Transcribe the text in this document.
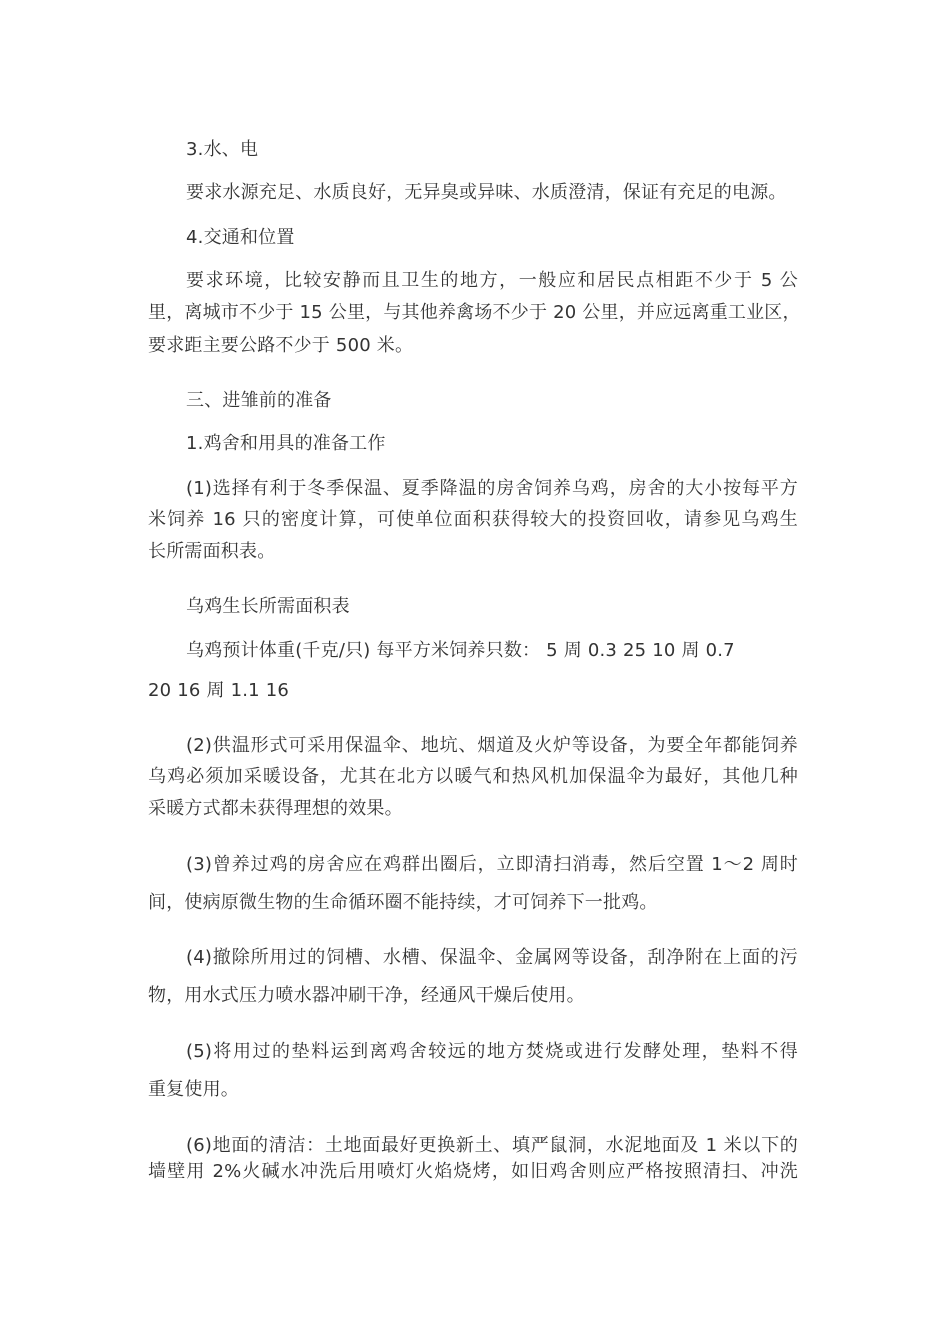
3.水、电
要求水源充足、水质良好，无异臭或异味、水质澄清，保证有充足的电源。
4.交通和位置
要求环境，比较安静而且卫生的地方，一般应和居民点相距不少于 5 公
里，离城市不少于 15 公里，与其他养禽场不少于 20 公里，并应远离重工业区，
要求距主要公路不少于 500 米。
三、进雏前的准备
1.鸡舍和用具的准备工作
(1)选择有利于冬季保温、夏季降温的房舍饲养乌鸡，房舍的大小按每平方
米饲养 16 只的密度计算，可使单位面积获得较大的投资回收，请参见乌鸡生
长所需面积表。
乌鸡生长所需面积表
乌鸡预计体重(千克/只) 每平方米饲养只数： 5 周 0.3 25 10 周 0.7
20 16 周 1.1 16
(2)供温形式可采用保温伞、地坑、烟道及火炉等设备，为要全年都能饲养
乌鸡必须加采暖设备，尤其在北方以暖气和热风机加保温伞为最好，其他几种
采暖方式都未获得理想的效果。
(3)曾养过鸡的房舍应在鸡群出圈后，立即清扫消毒，然后空置 1～2 周时
间，使病原微生物的生命循环圈不能持续，才可饲养下一批鸡。
(4)撤除所用过的饲槽、水槽、保温伞、金属网等设备，刮净附在上面的污
物，用水式压力喷水器冲刷干净，经通风干燥后使用。
(5)将用过的垫料运到离鸡舍较远的地方焚烧或进行发酵处理，垫料不得
重复使用。
(6)地面的清洁：土地面最好更换新土、填严鼠洞，水泥地面及 1 米以下的
墙壁用 2%火碱水冲洗后用喷灯火焰烧烤，如旧鸡舍则应严格按照清扫、冲洗
